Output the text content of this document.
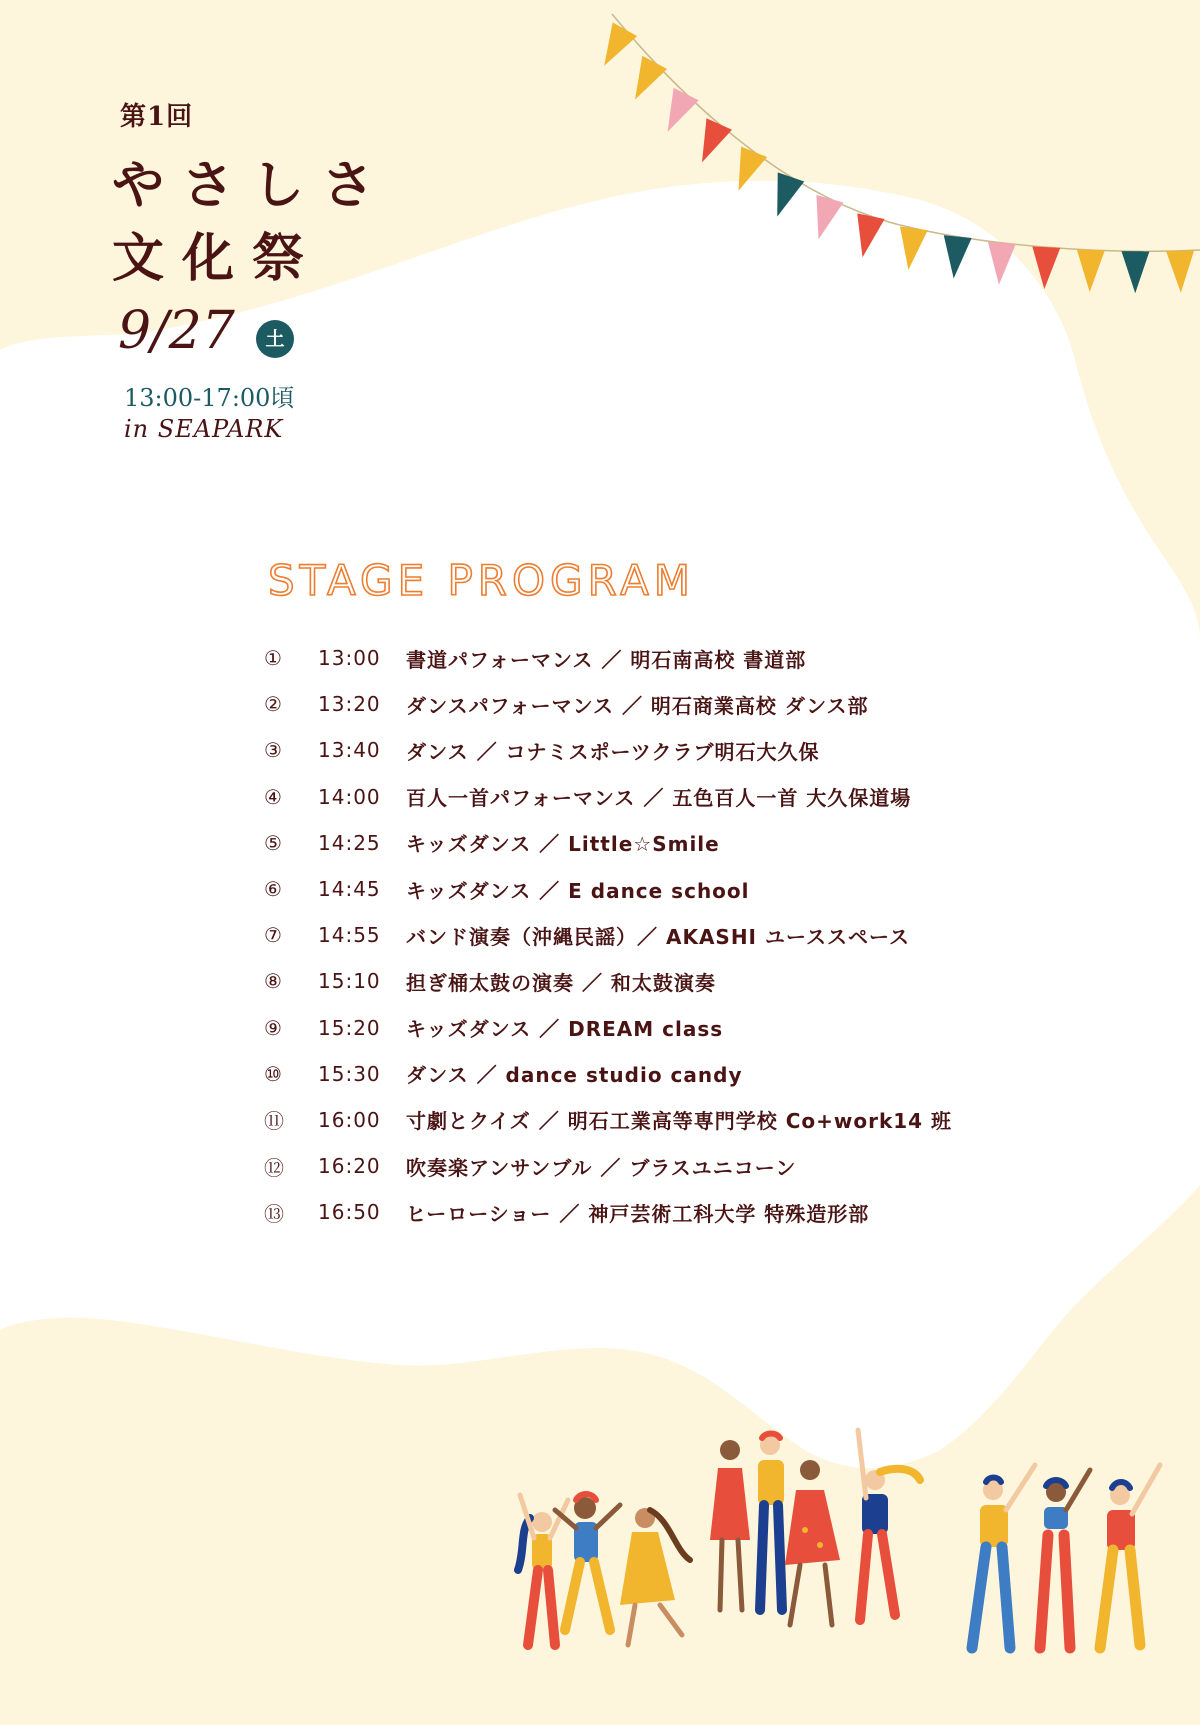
第1回
やさしさ
文化祭
9/27	土
13:00-17:00頃
in SEAPARK
STAGE PROGRAM
①	13:00	書道パフォーマンス ／ 明石南高校 書道部
②	13:20	ダンスパフォーマンス ／ 明石商業高校 ダンス部
③	13:40	ダンス ／ コナミスポーツクラブ明石大久保
④	14:00	百人一首パフォーマンス ／ 五色百人一首 大久保道場
⑤	14:25	キッズダンス ／ Little☆Smile
⑥	14:45	キッズダンス ／ E dance school
⑦	14:55	バンド演奏（沖縄民謡）／ AKASHI ユーススペース
⑧	15:10	担ぎ桶太鼓の演奏 ／ 和太鼓演奏
⑨	15:20	キッズダンス ／ DREAM class
⑩	15:30	ダンス ／ dance studio candy
⑪	16:00	寸劇とクイズ ／ 明石工業高等専門学校 Co+work14 班
⑫	16:20	吹奏楽アンサンブル ／ ブラスユニコーン
⑬	16:50	ヒーローショー ／ 神戸芸術工科大学 特殊造形部
